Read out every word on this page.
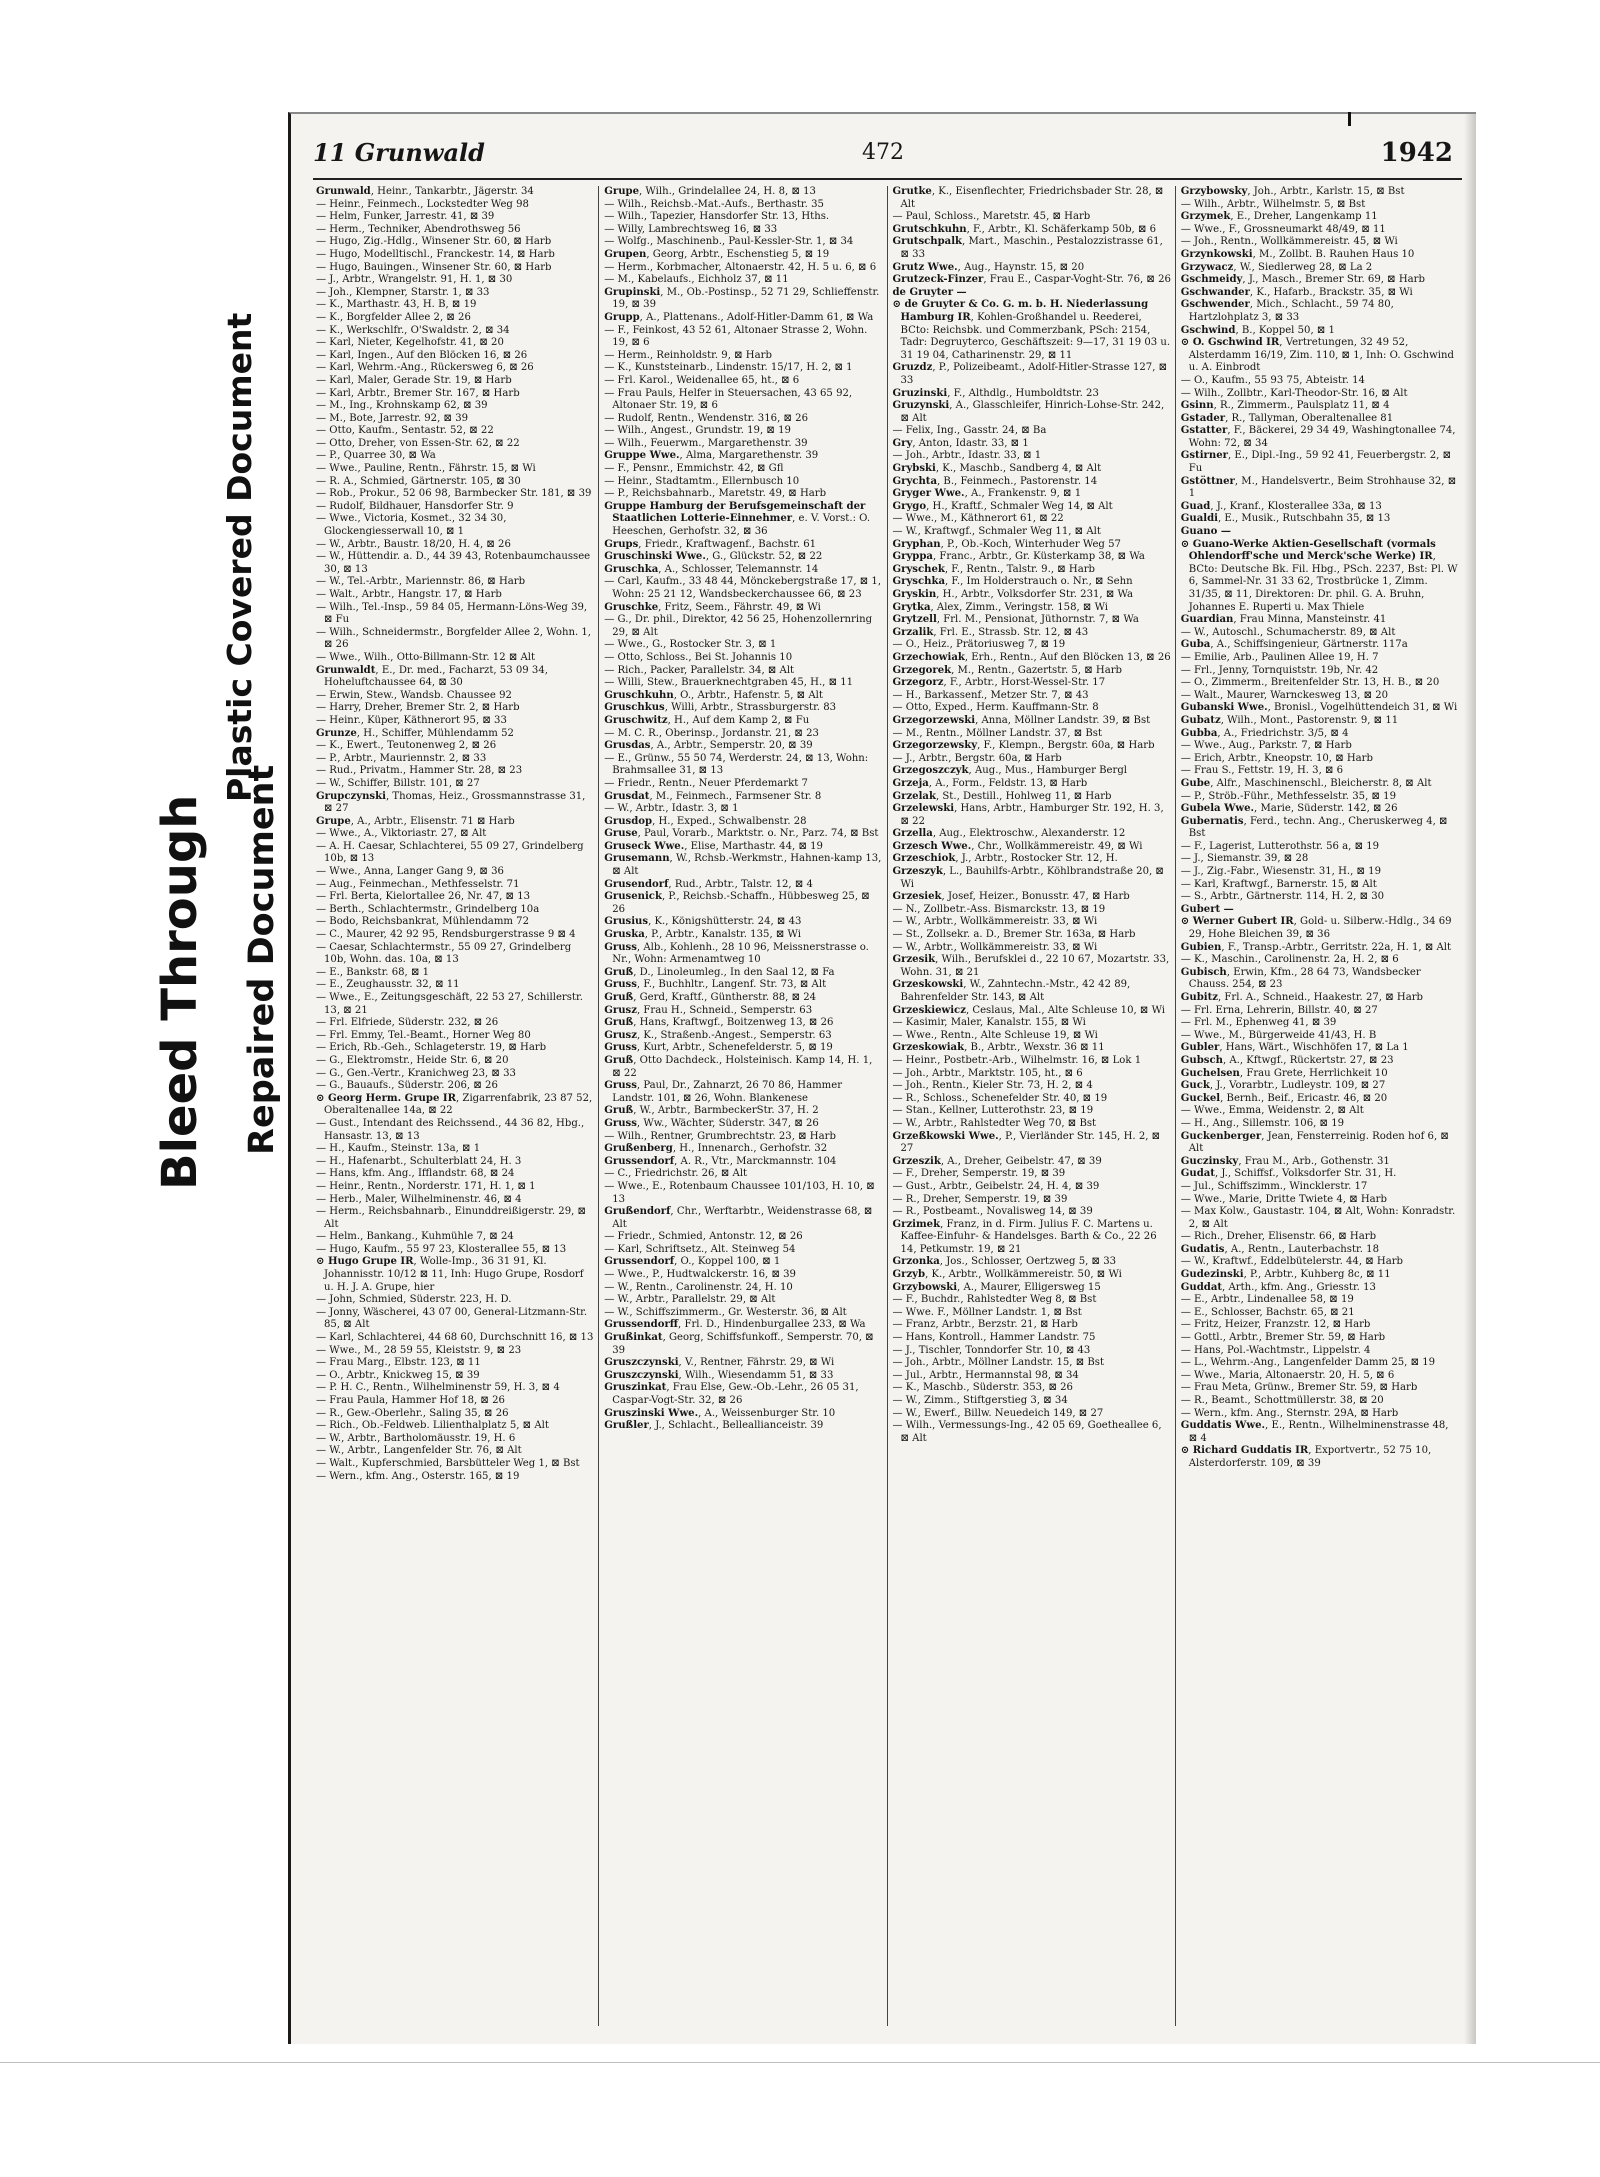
Bleed Through Repaired Document
Plastic Covered Document
472
11 Grunwald	1942

Grunwald, Heinr., Tankarbtr., Jägerstr. 34

— Heinr., Feinmech., Lockstedter Weg 98

— Helm, Funker, Jarrestr. 41, ⊠ 39

— Herm., Techniker, Abendrothsweg 56

— Hugo, Zig.-Hdlg., Winsener Str. 60, ⊠ Harb

— Hugo, Modelltischl., Franckestr. 14, ⊠ Harb

— Hugo, Bauingen., Winsener Str. 60, ⊠ Harb

— J., Arbtr., Wrangelstr. 91, H. 1, ⊠ 30

— Joh., Klempner, Starstr. 1, ⊠ 33

— K., Marthastr. 43, H. B, ⊠ 19

— K., Borgfelder Allee 2, ⊠ 26

— K., Werkschlfr., O'Swaldstr. 2, ⊠ 34

— Karl, Nieter, Kegelhofstr. 41, ⊠ 20

— Karl, Ingen., Auf den Blöcken 16, ⊠ 26

— Karl, Wehrm.-Ang., Rückersweg 6, ⊠ 26

— Karl, Maler, Gerade Str. 19, ⊠ Harb

— Karl, Arbtr., Bremer Str. 167, ⊠ Harb

— M., Ing., Krohnskamp 62, ⊠ 39

— M., Bote, Jarrestr. 92, ⊠ 39

— Otto, Kaufm., Sentastr. 52, ⊠ 22

— Otto, Dreher, von Essen-Str. 62, ⊠ 22

— P., Quarree 30, ⊠ Wa

— Wwe., Pauline, Rentn., Fährstr. 15, ⊠ Wi

— R. A., Schmied, Gärtnerstr. 105, ⊠ 30

— Rob., Prokur., 52 06 98, Barmbecker Str. 181, ⊠ 39

— Rudolf, Bildhauer, Hansdorfer Str. 9

— Wwe., Victoria, Kosmet., 32 34 30, Glockengiesserwall 10, ⊠ 1

— W., Arbtr., Baustr. 18/20, H. 4, ⊠ 26

— W., Hüttendir. a. D., 44 39 43, Rotenbaumchaussee 30, ⊠ 13

— W., Tel.-Arbtr., Mariennstr. 86, ⊠ Harb

— Walt., Arbtr., Hangstr. 17, ⊠ Harb

— Wilh., Tel.-Insp., 59 84 05, Hermann-Löns-Weg 39, ⊠ Fu

— Wilh., Schneidermstr., Borgfelder Allee 2, Wohn. 1, ⊠ 26

— Wwe., Wilh., Otto-Billmann-Str. 12 ⊠ Alt

Grunwaldt, E., Dr. med., Facharzt, 53 09 34, Hoheluftchaussee 64, ⊠ 30

— Erwin, Stew., Wandsb. Chaussee 92

— Harry, Dreher, Bremer Str. 2, ⊠ Harb

— Heinr., Küper, Käthnerort 95, ⊠ 33

Grunze, H., Schiffer, Mühlendamm 52

— K., Ewert., Teutonenweg 2, ⊠ 26

— P., Arbtr., Mauriennstr. 2, ⊠ 33

— Rud., Privatm., Hammer Str. 28, ⊠ 23

— W., Schiffer, Billstr. 101, ⊠ 27

Grupczynski, Thomas, Heiz., Grossmannstrasse 31, ⊠ 27

Grupe, A., Arbtr., Elisenstr. 71 ⊠ Harb

— Wwe., A., Viktoriastr. 27, ⊠ Alt

— A. H. Caesar, Schlachterei, 55 09 27, Grindelberg 10b, ⊠ 13

— Wwe., Anna, Langer Gang 9, ⊠ 36

— Aug., Feinmechan., Methfesselstr. 71

— Frl. Berta, Kielortallee 26, Nr. 47, ⊠ 13

— Berth., Schlachtermstr., Grindelberg 10a

— Bodo, Reichsbankrat, Mühlendamm 72

— C., Maurer, 42 92 95, Rendsburgerstrasse 9 ⊠ 4

— Caesar, Schlachtermstr., 55 09 27, Grindelberg 10b, Wohn. das. 10a, ⊠ 13

— E., Bankstr. 68, ⊠ 1

— E., Zeughausstr. 32, ⊠ 11

— Wwe., E., Zeitungsgeschäft, 22 53 27, Schillerstr. 13, ⊠ 21

— Frl. Elfriede, Süderstr. 232, ⊠ 26

— Frl. Emmy, Tel.-Beamt., Horner Weg 80

— Erich, Rb.-Geh., Schlageterstr. 19, ⊠ Harb

— G., Elektromstr., Heide Str. 6, ⊠ 20

— G., Gen.-Vertr., Kranichweg 23, ⊠ 33

— G., Bauaufs., Süderstr. 206, ⊠ 26

⊙ Georg Herm. Grupe IR, Zigarrenfabrik, 23 87 52, Oberaltenallee 14a, ⊠ 22

— Gust., Intendant des Reichssend., 44 36 82, Hbg., Hansastr. 13, ⊠ 13

— H., Kaufm., Steinstr. 13a, ⊠ 1

— H., Hafenarbt., Schulterblatt 24, H. 3

— Hans, kfm. Ang., Ifflandstr. 68, ⊠ 24

— Heinr., Rentn., Norderstr. 171, H. 1, ⊠ 1

— Herb., Maler, Wilhelminenstr. 46, ⊠ 4

— Herm., Reichsbahnarb., Einunddreißigerstr. 29, ⊠ Alt

— Helm., Bankang., Kuhmühle 7, ⊠ 24

— Hugo, Kaufm., 55 97 23, Klosterallee 55, ⊠ 13

⊙ Hugo Grupe IR, Wolle-Imp., 36 31 91, Kl. Johannisstr. 10/12 ⊠ 11, Inh: Hugo Grupe, Rosdorf u. H. J. A. Grupe, hier

— John, Schmied, Süderstr. 223, H. D.

— Jonny, Wäscherei, 43 07 00, General-Litzmann-Str. 85, ⊠ Alt

— Karl, Schlachterei, 44 68 60, Durchschnitt 16, ⊠ 13

— Wwe., M., 28 59 55, Kleiststr. 9, ⊠ 23

— Frau Marg., Elbstr. 123, ⊠ 11

— O., Arbtr., Knickweg 15, ⊠ 39

— P. H. C., Rentn., Wilhelminenstr 59, H. 3, ⊠ 4

— Frau Paula, Hammer Hof 18, ⊠ 26

— R., Gew.-Oberlehr., Saling 35, ⊠ 26

— Rich., Ob.-Feldweb. Lilienthalplatz 5, ⊠ Alt

— W., Arbtr., Bartholomäusstr. 19, H. 6

— W., Arbtr., Langenfelder Str. 76, ⊠ Alt

— Walt., Kupferschmied, Barsbütteler Weg 1, ⊠ Bst

— Wern., kfm. Ang., Osterstr. 165, ⊠ 19

Grupe, Wilh., Grindelallee 24, H. 8, ⊠ 13

— Wilh., Reichsb.-Mat.-Aufs., Berthastr. 35

— Wilh., Tapezier, Hansdorfer Str. 13, Hths.

— Willy, Lambrechtsweg 16, ⊠ 33

— Wolfg., Maschinenb., Paul-Kessler-Str. 1, ⊠ 34

Grupen, Georg, Arbtr., Eschenstieg 5, ⊠ 19

— Herm., Korbmacher, Altonaerstr. 42, H. 5 u. 6, ⊠ 6

— M., Kabelaufs., Eichholz 37, ⊠ 11

Grupinski, M., Ob.-Postinsp., 52 71 29, Schlieffenstr. 19, ⊠ 39

Grupp, A., Plattenans., Adolf-Hitler-Damm 61, ⊠ Wa

— F., Feinkost, 43 52 61, Altonaer Strasse 2, Wohn. 19, ⊠ 6

— Herm., Reinholdstr. 9, ⊠ Harb

— K., Kunststeinarb., Lindenstr. 15/17, H. 2, ⊠ 1

— Frl. Karol., Weidenallee 65, ht., ⊠ 6

— Frau Pauls, Helfer in Steuersachen, 43 65 92, Altonaer Str. 19, ⊠ 6

— Rudolf, Rentn., Wendenstr. 316, ⊠ 26

— Wilh., Angest., Grundstr. 19, ⊠ 19

— Wilh., Feuerwm., Margarethenstr. 39

Gruppe Wwe., Alma, Margarethenstr. 39

— F., Pensnr., Emmichstr. 42, ⊠ Gfl

— Heinr., Stadtamtm., Ellernbusch 10

— P., Reichsbahnarb., Maretstr. 49, ⊠ Harb

Gruppe Hamburg der Berufsgemeinschaft der Staatlichen Lotterie-Einnehmer, e. V. Vorst.: O. Heeschen, Gerhofstr. 32, ⊠ 36

Grups, Friedr., Kraftwagenf., Bachstr. 61

Gruschinski Wwe., G., Glückstr. 52, ⊠ 22

Gruschka, A., Schlosser, Telemannstr. 14

— Carl, Kaufm., 33 48 44, Mönckebergstraße 17, ⊠ 1, Wohn: 25 21 12, Wandsbeckerchaussee 66, ⊠ 23

Gruschke, Fritz, Seem., Fährstr. 49, ⊠ Wi

— G., Dr. phil., Direktor, 42 56 25, Hohenzollernring 29, ⊠ Alt

— Wwe., G., Rostocker Str. 3, ⊠ 1

— Otto, Schloss., Bei St. Johannis 10

— Rich., Packer, Parallelstr. 34, ⊠ Alt

— Willi, Stew., Brauerknechtgraben 45, H., ⊠ 11

Gruschkuhn, O., Arbtr., Hafenstr. 5, ⊠ Alt

Gruschkus, Willi, Arbtr., Strassburgerstr. 83

Gruschwitz, H., Auf dem Kamp 2, ⊠ Fu

— M. C. R., Oberinsp., Jordanstr. 21, ⊠ 23

Grusdas, A., Arbtr., Semperstr. 20, ⊠ 39

— E., Grünw., 55 50 74, Werderstr. 24, ⊠ 13, Wohn: Brahmsallee 31, ⊠ 13

— Friedr., Rentn., Neuer Pferdemarkt 7

Grusdat, M., Feinmech., Farmsener Str. 8

— W., Arbtr., Idastr. 3, ⊠ 1

Grusdop, H., Exped., Schwalbenstr. 28

Gruse, Paul, Vorarb., Marktstr. o. Nr., Parz. 74, ⊠ Bst

Gruseck Wwe., Elise, Marthastr. 44, ⊠ 19

Grusemann, W., Rchsb.-Werkmstr., Hahnen-kamp 13, ⊠ Alt

Grusendorf, Rud., Arbtr., Talstr. 12, ⊠ 4

Grusenick, P., Reichsb.-Schaffn., Hübbesweg 25, ⊠ 26

Grusius, K., Königshütterstr. 24, ⊠ 43

Gruska, P., Arbtr., Kanalstr. 135, ⊠ Wi

Gruss, Alb., Kohlenh., 28 10 96, Meissnerstrasse o. Nr., Wohn: Armenamtweg 10

Gruß, D., Linoleumleg., In den Saal 12, ⊠ Fa

Gruss, F., Buchhltr., Langenf. Str. 73, ⊠ Alt

Gruß, Gerd, Kraftf., Güntherstr. 88, ⊠ 24

Grusz, Frau H., Schneid., Semperstr. 63

Gruß, Hans, Kraftwgf., Boitzenweg 13, ⊠ 26

Grusz, K., Straßenb.-Angest., Semperstr. 63

Gruss, Kurt, Arbtr., Schenefelderstr. 5, ⊠ 19

Gruß, Otto Dachdeck., Holsteinisch. Kamp 14, H. 1, ⊠ 22

Gruss, Paul, Dr., Zahnarzt, 26 70 86, Hammer Landstr. 101, ⊠ 26, Wohn. Blankenese

Gruß, W., Arbtr., BarmbeckerStr. 37, H. 2

Gruss, Ww., Wächter, Süderstr. 347, ⊠ 26

— Wilh., Rentner, Grumbrechtstr. 23, ⊠ Harb

Grußenberg, H., Innenarch., Gerhofstr. 32

Grussendorf, A. R., Vtr., Marckmannstr. 104

— C., Friedrichstr. 26, ⊠ Alt

— Wwe., E., Rotenbaum Chaussee 101/103, H. 10, ⊠ 13

Grußendorf, Chr., Werftarbtr., Weidenstrasse 68, ⊠ Alt

— Friedr., Schmied, Antonstr. 12, ⊠ 26

— Karl, Schriftsetz., Alt. Steinweg 54

Grussendorf, O., Koppel 100, ⊠ 1

— Wwe., P., Hudtwalckerstr. 16, ⊠ 39

— W., Rentn., Carolinenstr. 24, H. 10

— W., Arbtr., Parallelstr. 29, ⊠ Alt

— W., Schiffszimmerm., Gr. Westerstr. 36, ⊠ Alt

Grussendorff, Frl. D., Hindenburgallee 233, ⊠ Wa

Grußinkat, Georg, Schiffsfunkoff., Semperstr. 70, ⊠ 39

Gruszczynski, V., Rentner, Fährstr. 29, ⊠ Wi

Gruszczynski, Wilh., Wiesendamm 51, ⊠ 33

Gruszinkat, Frau Else, Gew.-Ob.-Lehr., 26 05 31, Caspar-Vogt-Str. 32, ⊠ 26

Gruszinski Wwe., A., Weissenburger Str. 10

Grußler, J., Schlacht., Belleallianceistr. 39

Grutke, K., Eisenflechter, Friedrichsbader Str. 28, ⊠ Alt

— Paul, Schloss., Maretstr. 45, ⊠ Harb

Grutschkuhn, F., Arbtr., Kl. Schäferkamp 50b, ⊠ 6

Grutschpalk, Mart., Maschin., Pestalozzistrasse 61, ⊠ 33

Grutz Wwe., Aug., Haynstr. 15, ⊠ 20

Grutzeck-Finzer, Frau E., Caspar-Voght-Str. 76, ⊠ 26

de Gruyter —

⊙ de Gruyter & Co. G. m. b. H. Niederlassung Hamburg IR, Kohlen-Großhandel u. Reederei, BCto: Reichsbk. und Commerzbank, PSch: 2154, Tadr: Degruyterco, Geschäftszeit: 9—17, 31 19 03 u. 31 19 04, Catharinenstr. 29, ⊠ 11

Gruzdz, P., Polizeibeamt., Adolf-Hitler-Strasse 127, ⊠ 33

Gruzinski, F., Althdlg., Humboldtstr. 23

Gruzynski, A., Glasschleifer, Hinrich-Lohse-Str. 242, ⊠ Alt

— Felix, Ing., Gasstr. 24, ⊠ Ba

Gry, Anton, Idastr. 33, ⊠ 1

— Joh., Arbtr., Idastr. 33, ⊠ 1

Grybski, K., Maschb., Sandberg 4, ⊠ Alt

Grychta, B., Feinmech., Pastorenstr. 14

Gryger Wwe., A., Frankenstr. 9, ⊠ 1

Grygo, H., Kraftf., Schmaler Weg 14, ⊠ Alt

— Wwe., M., Käthnerort 61, ⊠ 22

— W., Kraftwgf., Schmaler Weg 11, ⊠ Alt

Gryphan, P., Ob.-Koch, Winterhuder Weg 57

Gryppa, Franc., Arbtr., Gr. Küsterkamp 38, ⊠ Wa

Gryschek, F., Rentn., Talstr. 9., ⊠ Harb

Gryschka, F., Im Holderstrauch o. Nr., ⊠ Sehn

Gryskin, H., Arbtr., Volksdorfer Str. 231, ⊠ Wa

Grytka, Alex, Zimm., Veringstr. 158, ⊠ Wi

Grytzell, Frl. M., Pensionat, Jüthornstr. 7, ⊠ Wa

Grzalik, Frl. E., Strassb. Str. 12, ⊠ 43

— O., Heiz., Prätoriusweg 7, ⊠ 19

Grzechowiak, Erh., Rentn., Auf den Blöcken 13, ⊠ 26

Grzegorek, M., Rentn., Gazertstr. 5, ⊠ Harb

Grzegorz, F., Arbtr., Horst-Wessel-Str. 17

— H., Barkassenf., Metzer Str. 7, ⊠ 43

— Otto, Exped., Herm. Kauffmann-Str. 8

Grzegorzewski, Anna, Möllner Landstr. 39, ⊠ Bst

— M., Rentn., Möllner Landstr. 37, ⊠ Bst

Grzegorzewsky, F., Klempn., Bergstr. 60a, ⊠ Harb

— J., Arbtr., Bergstr. 60a, ⊠ Harb

Grzegoszczyk, Aug., Mus., Hamburger Bergl

Grzeja, A., Form., Feldstr. 13, ⊠ Harb

Grzelak, St., Destill., Hohlweg 11, ⊠ Harb

Grzelewski, Hans, Arbtr., Hamburger Str. 192, H. 3, ⊠ 22

Grzella, Aug., Elektroschw., Alexanderstr. 12

Grzesch Wwe., Chr., Wollkämmereistr. 49, ⊠ Wi

Grzeschiok, J., Arbtr., Rostocker Str. 12, H.

Grzeszyk, L., Bauhilfs-Arbtr., Köhlbrandstraße 20, ⊠ Wi

Grzesiek, Josef, Heizer., Bonusstr. 47, ⊠ Harb

— N., Zollbetr.-Ass. Bismarckstr. 13, ⊠ 19

— W., Arbtr., Wollkämmereistr. 33, ⊠ Wi

— St., Zollsekr. a. D., Bremer Str. 163a, ⊠ Harb

— W., Arbtr., Wollkämmereistr. 33, ⊠ Wi

Grzesik, Wilh., Berufsklei d., 22 10 67, Mozartstr. 33, Wohn. 31, ⊠ 21

Grzeskowski, W., Zahntechn.-Mstr., 42 42 89, Bahrenfelder Str. 143, ⊠ Alt

Grzeskiewicz, Ceslaus, Mal., Alte Schleuse 10, ⊠ Wi

— Kasimir, Maler, Kanalstr. 155, ⊠ Wi

— Wwe., Rentn., Alte Schleuse 19, ⊠ Wi

Grzeskowiak, B., Arbtr., Wexstr. 36 ⊠ 11

— Heinr., Postbetr.-Arb., Wilhelmstr. 16, ⊠ Lok 1

— Joh., Arbtr., Marktstr. 105, ht., ⊠ 6

— Joh., Rentn., Kieler Str. 73, H. 2, ⊠ 4

— R., Schloss., Schenefelder Str. 40, ⊠ 19

— Stan., Kellner, Lutterothstr. 23, ⊠ 19

— W., Arbtr., Rahlstedter Weg 70, ⊠ Bst

Grzeßkowski Wwe., P., Vierländer Str. 145, H. 2, ⊠ 27

Grzeszik, A., Dreher, Geibelstr. 47, ⊠ 39

— F., Dreher, Semperstr. 19, ⊠ 39

— Gust., Arbtr., Geibelstr. 24, H. 4, ⊠ 39

— R., Dreher, Semperstr. 19, ⊠ 39

— R., Postbeamt., Novalisweg 14, ⊠ 39

Grzimek, Franz, in d. Firm. Julius F. C. Martens u. Kaffee-Einfuhr- & Handelsges. Barth & Co., 22 26 14, Petkumstr. 19, ⊠ 21

Grzonka, Jos., Schlosser, Oertzweg 5, ⊠ 33

Grzyb, K., Arbtr., Wollkämmereistr. 50, ⊠ Wi

Grzybowski, A., Maurer, Elligersweg 15

— F., Buchdr., Rahlstedter Weg 8, ⊠ Bst

— Wwe. F., Möllner Landstr. 1, ⊠ Bst

— Franz, Arbtr., Berzstr. 21, ⊠ Harb

— Hans, Kontroll., Hammer Landstr. 75

— J., Tischler, Tonndorfer Str. 10, ⊠ 43

— Joh., Arbtr., Möllner Landstr. 15, ⊠ Bst

— Jul., Arbtr., Hermannstal 98, ⊠ 34

— K., Maschb., Süderstr. 353, ⊠ 26

— W., Zimm., Stiftgerstieg 3, ⊠ 34

— W., Ewerf., Billw. Neuedeich 149, ⊠ 27

— Wilh., Vermessungs-Ing., 42 05 69, Goetheallee 6, ⊠ Alt

Grzybowsky, Joh., Arbtr., Karlstr. 15, ⊠ Bst

— Wilh., Arbtr., Wilhelmstr. 5, ⊠ Bst

Grzymek, E., Dreher, Langenkamp 11

— Wwe., F., Grossneumarkt 48/49, ⊠ 11

— Joh., Rentn., Wollkämmereistr. 45, ⊠ Wi

Grzynkowski, M., Zollbt. B. Rauhen Haus 10

Grzywacz, W., Siedlerweg 28, ⊠ La 2

Gschmeidy, J., Masch., Bremer Str. 69, ⊠ Harb

Gschwander, K., Hafarb., Brackstr. 35, ⊠ Wi

Gschwender, Mich., Schlacht., 59 74 80, Hartzlohplatz 3, ⊠ 33

Gschwind, B., Koppel 50, ⊠ 1

⊙ O. Gschwind IR, Vertretungen, 32 49 52, Alsterdamm 16/19, Zim. 110, ⊠ 1, Inh: O. Gschwind u. A. Einbrodt

— O., Kaufm., 55 93 75, Abteistr. 14

— Wilh., Zollbtr., Karl-Theodor-Str. 16, ⊠ Alt

Gsinn, R., Zimmerm., Paulsplatz 11, ⊠ 4

Gstader, R., Tallyman, Oberaltenallee 81

Gstatter, F., Bäckerei, 29 34 49, Washingtonallee 74, Wohn: 72, ⊠ 34

Gstirner, E., Dipl.-Ing., 59 92 41, Feuerbergstr. 2, ⊠ Fu

Gstöttner, M., Handelsvertr., Beim Strohhause 32, ⊠ 1

Guad, J., Kranf., Klosterallee 33a, ⊠ 13

Gualdi, E., Musik., Rutschbahn 35, ⊠ 13

Guano —

⊙ Guano-Werke Aktien-Gesellschaft (vormals Ohlendorff'sche und Merck'sche Werke) IR, BCto: Deutsche Bk. Fil. Hbg., PSch. 2237, Bst: Pl. W 6, Sammel-Nr. 31 33 62, Trostbrücke 1, Zimm. 31/35, ⊠ 11, Direktoren: Dr. phil. G. A. Bruhn, Johannes E. Ruperti u. Max Thiele

Guardian, Frau Minna, Mansteinstr. 41

— W., Autoschl., Schumacherstr. 89, ⊠ Alt

Guba, A., Schiffsingenieur, Gärtnerstr. 117a

— Emilie, Arb., Paulinen Allee 19, H. 7

— Frl., Jenny, Tornquiststr. 19b, Nr. 42

— O., Zimmerm., Breitenfelder Str. 13, H. B., ⊠ 20

— Walt., Maurer, Warnckesweg 13, ⊠ 20

Gubanski Wwe., Bronisl., Vogelhüttendeich 31, ⊠ Wi

Gubatz, Wilh., Mont., Pastorenstr. 9, ⊠ 11

Gubba, A., Friedrichstr. 3/5, ⊠ 4

— Wwe., Aug., Parkstr. 7, ⊠ Harb

— Erich, Arbtr., Kneopstr. 10, ⊠ Harb

— Frau S., Fettstr. 19, H. 3, ⊠ 6

Gube, Alfr., Maschinenschl., Bleicherstr. 8, ⊠ Alt

— P., Ströb.-Führ., Methfesselstr. 35, ⊠ 19

Gubela Wwe., Marie, Süderstr. 142, ⊠ 26

Gubernatis, Ferd., techn. Ang., Cheruskerweg 4, ⊠ Bst

— F., Lagerist, Lutterothstr. 56 a, ⊠ 19

— J., Siemanstr. 39, ⊠ 28

— J., Zig.-Fabr., Wiesenstr. 31, H., ⊠ 19

— Karl, Kraftwgf., Barnerstr. 15, ⊠ Alt

— S., Arbtr., Gärtnerstr. 114, H. 2, ⊠ 30

Gubert —

⊙ Werner Gubert IR, Gold- u. Silberw.-Hdlg., 34 69 29, Hohe Bleichen 39, ⊠ 36

Gubien, F., Transp.-Arbtr., Gerritstr. 22a, H. 1, ⊠ Alt

— K., Maschin., Carolinenstr. 2a, H. 2, ⊠ 6

Gubisch, Erwin, Kfm., 28 64 73, Wandsbecker Chauss. 254, ⊠ 23

Gubitz, Frl. A., Schneid., Haakestr. 27, ⊠ Harb

— Frl. Erna, Lehrerin, Billstr. 40, ⊠ 27

— Frl. M., Ephenweg 41, ⊠ 39

— Wwe., M., Bürgerweide 41/43, H. B

Gubler, Hans, Wärt., Wischhöfen 17, ⊠ La 1

Gubsch, A., Kftwgf., Rückertstr. 27, ⊠ 23

Guchelsen, Frau Grete, Herrlichkeit 10

Guck, J., Vorarbtr., Ludleystr. 109, ⊠ 27

Guckel, Bernh., Beif., Ericastr. 46, ⊠ 20

— Wwe., Emma, Weidenstr. 2, ⊠ Alt

— H., Ang., Sillemstr. 106, ⊠ 19

Guckenberger, Jean, Fensterreinig. Roden hof 6, ⊠ Alt

Guczinsky, Frau M., Arb., Gothenstr. 31

Gudat, J., Schiffsf., Volksdorfer Str. 31, H.

— Jul., Schiffszimm., Wincklerstr. 17

— Wwe., Marie, Dritte Twiete 4, ⊠ Harb

— Max Kolw., Gaustastr. 104, ⊠ Alt, Wohn: Konradstr. 2, ⊠ Alt

— Rich., Dreher, Elisenstr. 66, ⊠ Harb

Gudatis, A., Rentn., Lauterbachstr. 18

— W., Kraftwf., Eddelbütelerstr. 44, ⊠ Harb

Gudezinski, P., Arbtr., Kuhberg 8c, ⊠ 11

Guddat, Arth., kfm. Ang., Griesstr. 13

— E., Arbtr., Lindenallee 58, ⊠ 19

— E., Schlosser, Bachstr. 65, ⊠ 21

— Fritz, Heizer, Franzstr. 12, ⊠ Harb

— Gottl., Arbtr., Bremer Str. 59, ⊠ Harb

— Hans, Pol.-Wachtmstr., Lippelstr. 4

— L., Wehrm.-Ang., Langenfelder Damm 25, ⊠ 19

— Wwe., Maria, Altonaerstr. 20, H. 5, ⊠ 6

— Frau Meta, Grünw., Bremer Str. 59, ⊠ Harb

— R., Beamt., Schottmüllerstr. 38, ⊠ 20

— Wern., kfm. Ang., Sternstr. 29A, ⊠ Harb

Guddatis Wwe., E., Rentn., Wilhelminenstrasse 48, ⊠ 4

⊙ Richard Guddatis IR, Exportvertr., 52 75 10, Alsterdorferstr. 109, ⊠ 39
